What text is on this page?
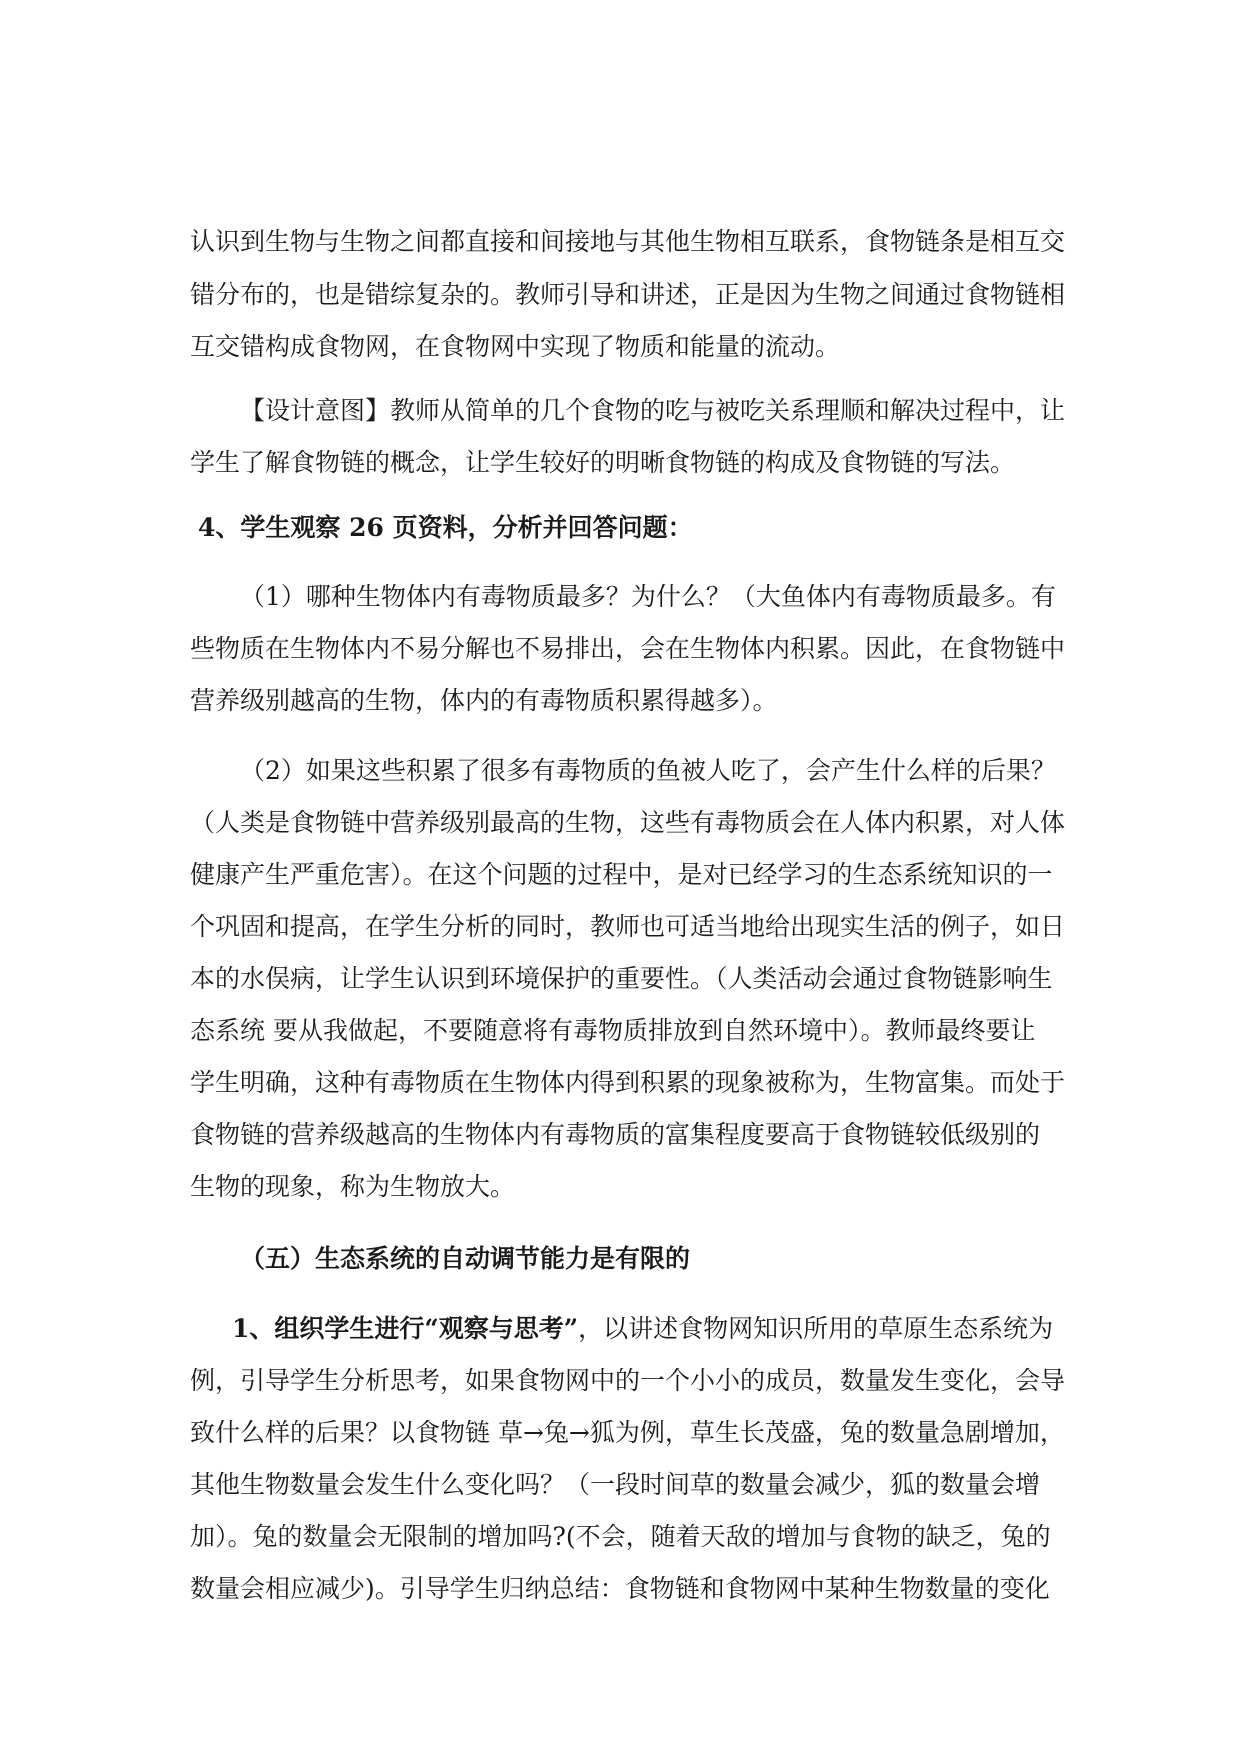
认识到生物与生物之间都直接和间接地与其他生物相互联系，食物链条是相互交
错分布的，也是错综复杂的。教师引导和讲述，正是因为生物之间通过食物链相
互交错构成食物网，在食物网中实现了物质和能量的流动。
【设计意图】教师从简单的几个食物的吃与被吃关系理顺和解决过程中，让
学生了解食物链的概念，让学生较好的明晰食物链的构成及食物链的写法。
4、学生观察 26 页资料，分析并回答问题：
（1）哪种生物体内有毒物质最多？为什么？（大鱼体内有毒物质最多。有
些物质在生物体内不易分解也不易排出，会在生物体内积累。因此，在食物链中
营养级别越高的生物，体内的有毒物质积累得越多）。
（2）如果这些积累了很多有毒物质的鱼被人吃了，会产生什么样的后果？
（人类是食物链中营养级别最高的生物，这些有毒物质会在人体内积累，对人体
健康产生严重危害）。在这个问题的过程中，是对已经学习的生态系统知识的一
个巩固和提高，在学生分析的同时，教师也可适当地给出现实生活的例子，如日
本的水俣病，让学生认识到环境保护的重要性。（人类活动会通过食物链影响生
态系统 要从我做起，不要随意将有毒物质排放到自然环境中）。教师最终要让
学生明确，这种有毒物质在生物体内得到积累的现象被称为，生物富集。而处于
食物链的营养级越高的生物体内有毒物质的富集程度要高于食物链较低级别的
生物的现象，称为生物放大。
（五）生态系统的自动调节能力是有限的
1、组织学生进行“观察与思考”，以讲述食物网知识所用的草原生态系统为
例，引导学生分析思考，如果食物网中的一个小小的成员，数量发生变化，会导
致什么样的后果？以食物链 草→兔→狐为例，草生长茂盛，兔的数量急剧增加，
其他生物数量会发生什么变化吗？（一段时间草的数量会减少，狐的数量会增
加）。兔的数量会无限制的增加吗?(不会，随着天敌的增加与食物的缺乏，兔的
数量会相应减少)。引导学生归纳总结：食物链和食物网中某种生物数量的变化
